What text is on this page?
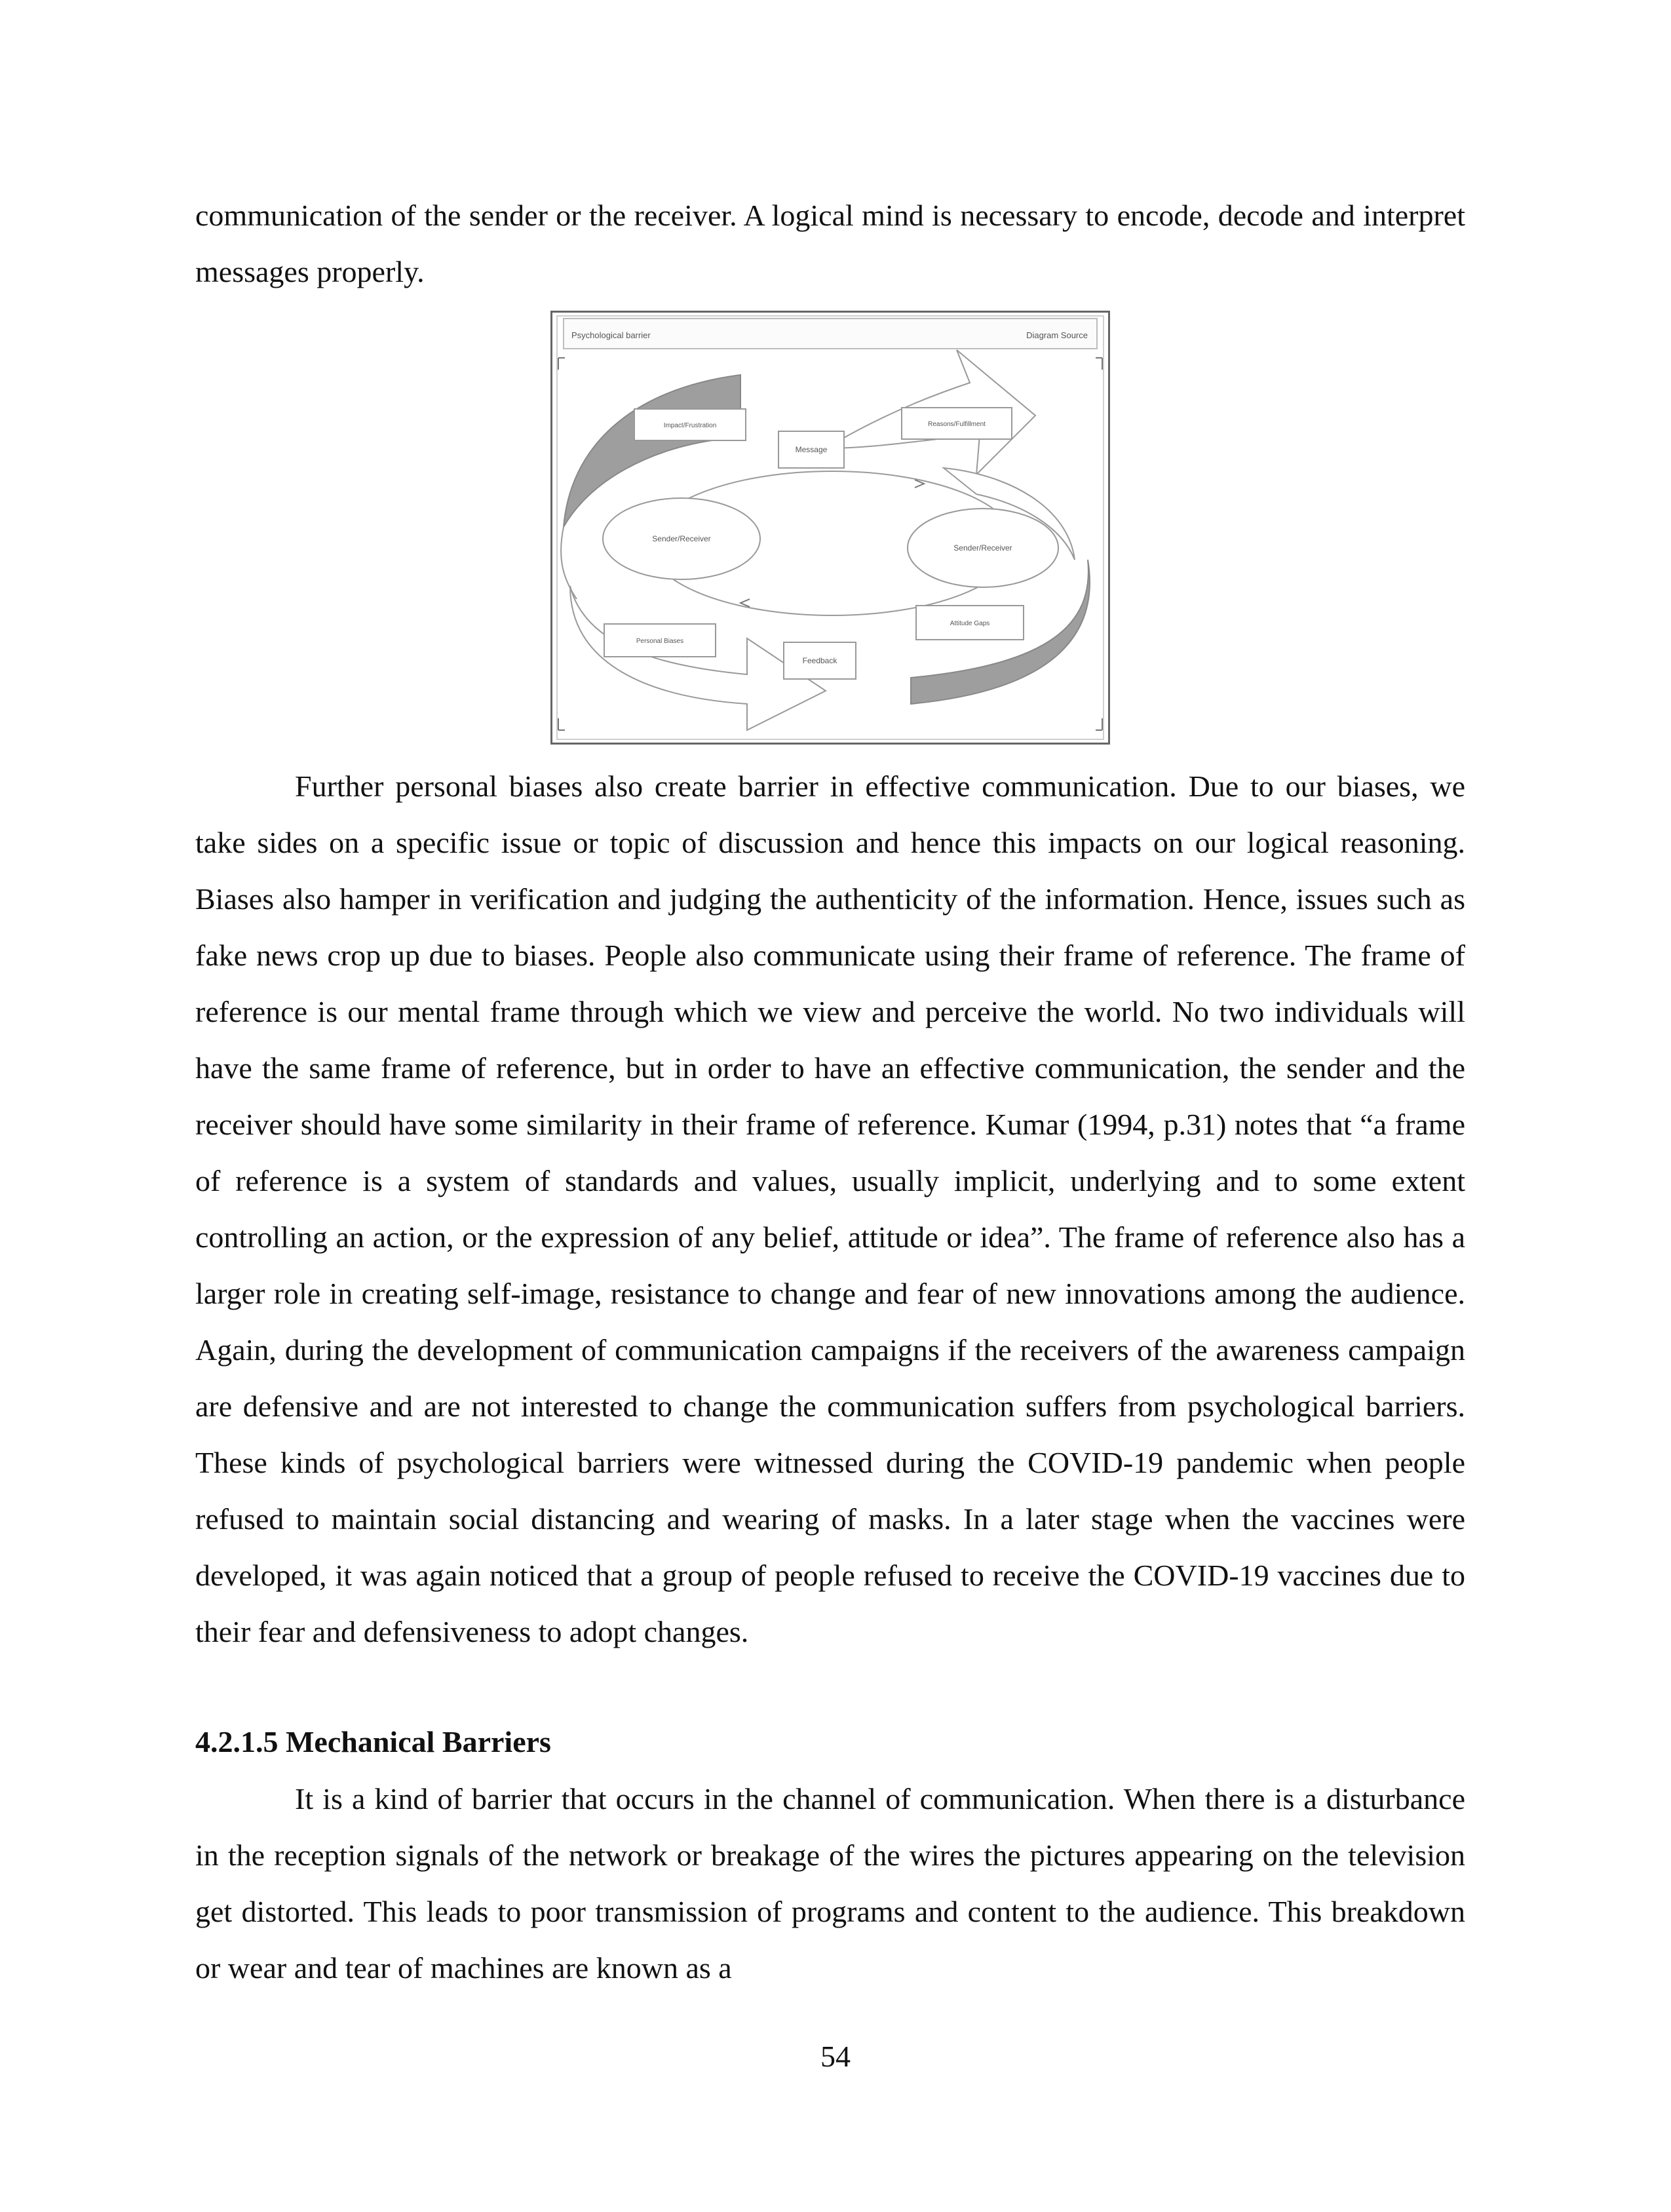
communication of the sender or the receiver. A logical mind is necessary to encode, decode and interpret messages properly.

Psychological barrier	Diagram Source
Sender/Receiver
Sender/Receiver
Message
Feedback
Impact/Frustration	Reasons/Fulfillment
Personal Biases
Attitude Gaps

Further personal biases also create barrier in effective communication. Due to our biases, we take sides on a specific issue or topic of discussion and hence this impacts on our logical reasoning. Biases also hamper in verification and judging the authenticity of the information. Hence, issues such as fake news crop up due to biases. People also communicate using their frame of reference. The frame of reference is our mental frame through which we view and perceive the world. No two individuals will have the same frame of reference, but in order to have an effective communication, the sender and the receiver should have some similarity in their frame of reference. Kumar (1994, p.31) notes that “a frame of reference is a system of standards and values, usually implicit, underlying and to some extent controlling an action, or the expression of any belief, attitude or idea”. The frame of reference also has a larger role in creating self-image, resistance to change and fear of new innovations among the audience. Again, during the development of communication campaigns if the receivers of the awareness campaign are defensive and are not interested to change the communication suffers from psychological barriers. These kinds of psychological barriers were witnessed during the COVID-19 pandemic when people refused to maintain social distancing and wearing of masks. In a later stage when the vaccines were developed, it was again noticed that a group of people refused to receive the COVID-19 vaccines due to their fear and defensiveness to adopt changes.

4.2.1.5 Mechanical Barriers

It is a kind of barrier that occurs in the channel of communication. When there is a disturbance in the reception signals of the network or breakage of the wires the pictures appearing on the television get distorted. This leads to poor transmission of programs and content to the audience. This breakdown or wear and tear of machines are known as a

54
